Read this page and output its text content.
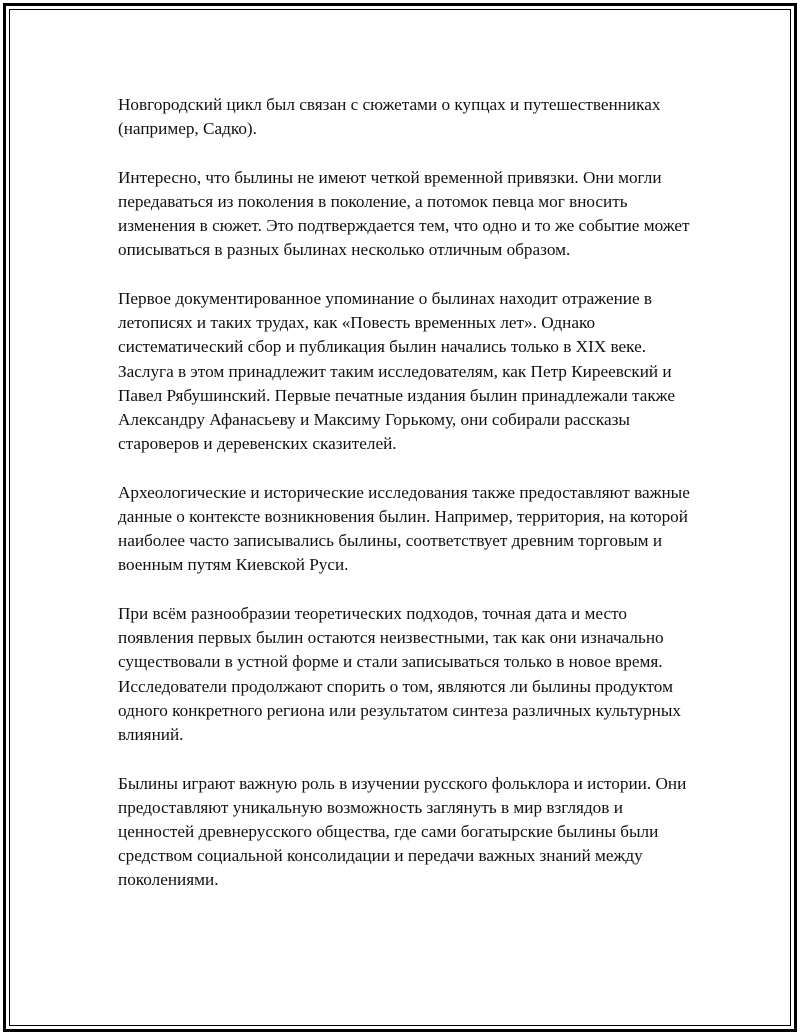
Новгородский цикл был связан с сюжетами о купцах и путешественниках (например, Садко).

Интересно, что былины не имеют четкой временной привязки. Они могли передаваться из поколения в поколение, а потомок певца мог вносить изменения в сюжет. Это подтверждается тем, что одно и то же событие может описываться в разных былинах несколько отличным образом.

Первое документированное упоминание о былинах находит отражение в летописях и таких трудах, как «Повесть временных лет». Однако систематический сбор и публикация былин начались только в XIX веке. Заслуга в этом принадлежит таким исследователям, как Петр Киреевский и Павел Рябушинский. Первые печатные издания былин принадлежали также Александру Афанасьеву и Максиму Горькому, они собирали рассказы староверов и деревенских сказителей.

Археологические и исторические исследования также предоставляют важные данные о контексте возникновения былин. Например, территория, на которой наиболее часто записывались былины, соответствует древним торговым и военным путям Киевской Руси.

При всём разнообразии теоретических подходов, точная дата и место появления первых былин остаются неизвестными, так как они изначально существовали в устной форме и стали записываться только в новое время. Исследователи продолжают спорить о том, являются ли былины продуктом одного конкретного региона или результатом синтеза различных культурных влияний.

Былины играют важную роль в изучении русского фольклора и истории. Они предоставляют уникальную возможность заглянуть в мир взглядов и ценностей древнерусского общества, где сами богатырские былины были средством социальной консолидации и передачи важных знаний между поколениями.
